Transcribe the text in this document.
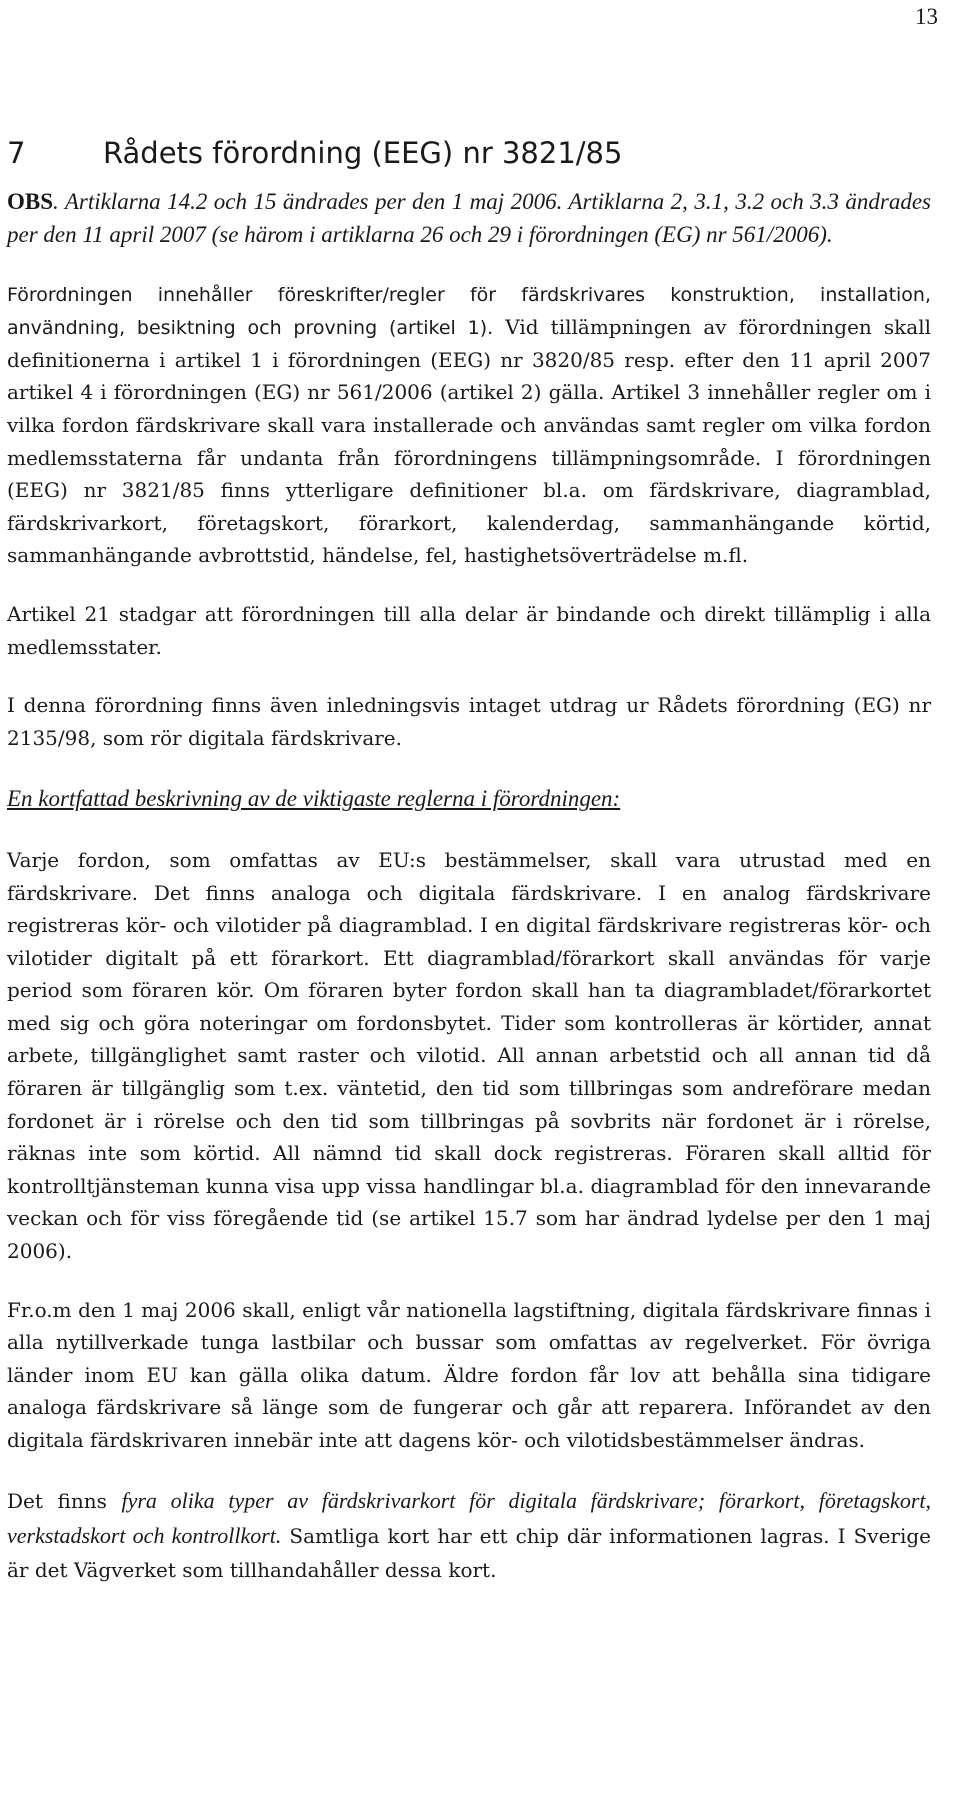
13
7	Rådets förordning (EEG) nr 3821/85

OBS. Artiklarna 14.2 och 15 ändrades per den 1 maj 2006. Artiklarna 2, 3.1, 3.2 och 3.3 ändrades per den 11 april 2007 (se härom i artiklarna 26 och 29 i förordningen (EG) nr 561/2006).

Förordningen innehåller föreskrifter/regler för färdskrivares konstruktion, installation, användning, besiktning och provning (artikel 1). Vid tillämpningen av förordningen skall definitionerna i artikel 1 i förordningen (EEG) nr 3820/85 resp. efter den 11 april 2007 artikel 4 i förordningen (EG) nr 561/2006 (artikel 2) gälla. Artikel 3 innehåller regler om i vilka fordon färdskrivare skall vara installerade och användas samt regler om vilka fordon medlemsstaterna får undanta från förordningens tillämpningsområde. I förordningen (EEG) nr 3821/85 finns ytterligare definitioner bl.a. om färdskrivare, diagramblad, färdskrivarkort, företagskort, förarkort, kalenderdag, sammanhängande körtid, sammanhängande avbrottstid, händelse, fel, hastighetsöverträdelse m.fl.

Artikel 21 stadgar att förordningen till alla delar är bindande och direkt tillämplig i alla medlemsstater.

I denna förordning finns även inledningsvis intaget utdrag ur Rådets förordning (EG) nr 2135/98, som rör digitala färdskrivare.

En kortfattad beskrivning av de viktigaste reglerna i förordningen:

Varje fordon, som omfattas av EU:s bestämmelser, skall vara utrustad med en färdskrivare. Det finns analoga och digitala färdskrivare. I en analog färdskrivare registreras kör- och vilotider på diagramblad. I en digital färdskrivare registreras kör- och vilotider digitalt på ett förarkort. Ett diagramblad/förarkort skall användas för varje period som föraren kör. Om föraren byter fordon skall han ta diagrambladet/förarkortet med sig och göra noteringar om fordonsbytet. Tider som kontrolleras är körtider, annat arbete, tillgänglighet samt raster och vilotid. All annan arbetstid och all annan tid då föraren är tillgänglig som t.ex. väntetid, den tid som tillbringas som andreförare medan fordonet är i rörelse och den tid som tillbringas på sovbrits när fordonet är i rörelse, räknas inte som körtid. All nämnd tid skall dock registreras. Föraren skall alltid för kontrolltjänsteman kunna visa upp vissa handlingar bl.a. diagramblad för den innevarande veckan och för viss föregående tid (se artikel 15.7 som har ändrad lydelse per den 1 maj 2006).

Fr.o.m den 1 maj 2006 skall, enligt vår nationella lagstiftning, digitala färdskrivare finnas i alla nytillverkade tunga lastbilar och bussar som omfattas av regelverket. För övriga länder inom EU kan gälla olika datum. Äldre fordon får lov att behålla sina tidigare analoga färdskrivare så länge som de fungerar och går att reparera. Införandet av den digitala färdskrivaren innebär inte att dagens kör- och vilotidsbestämmelser ändras.

Det finns fyra olika typer av färdskrivarkort för digitala färdskrivare; förarkort, företagskort, verkstadskort och kontrollkort. Samtliga kort har ett chip där informationen lagras. I Sverige är det Vägverket som tillhandahåller dessa kort.
